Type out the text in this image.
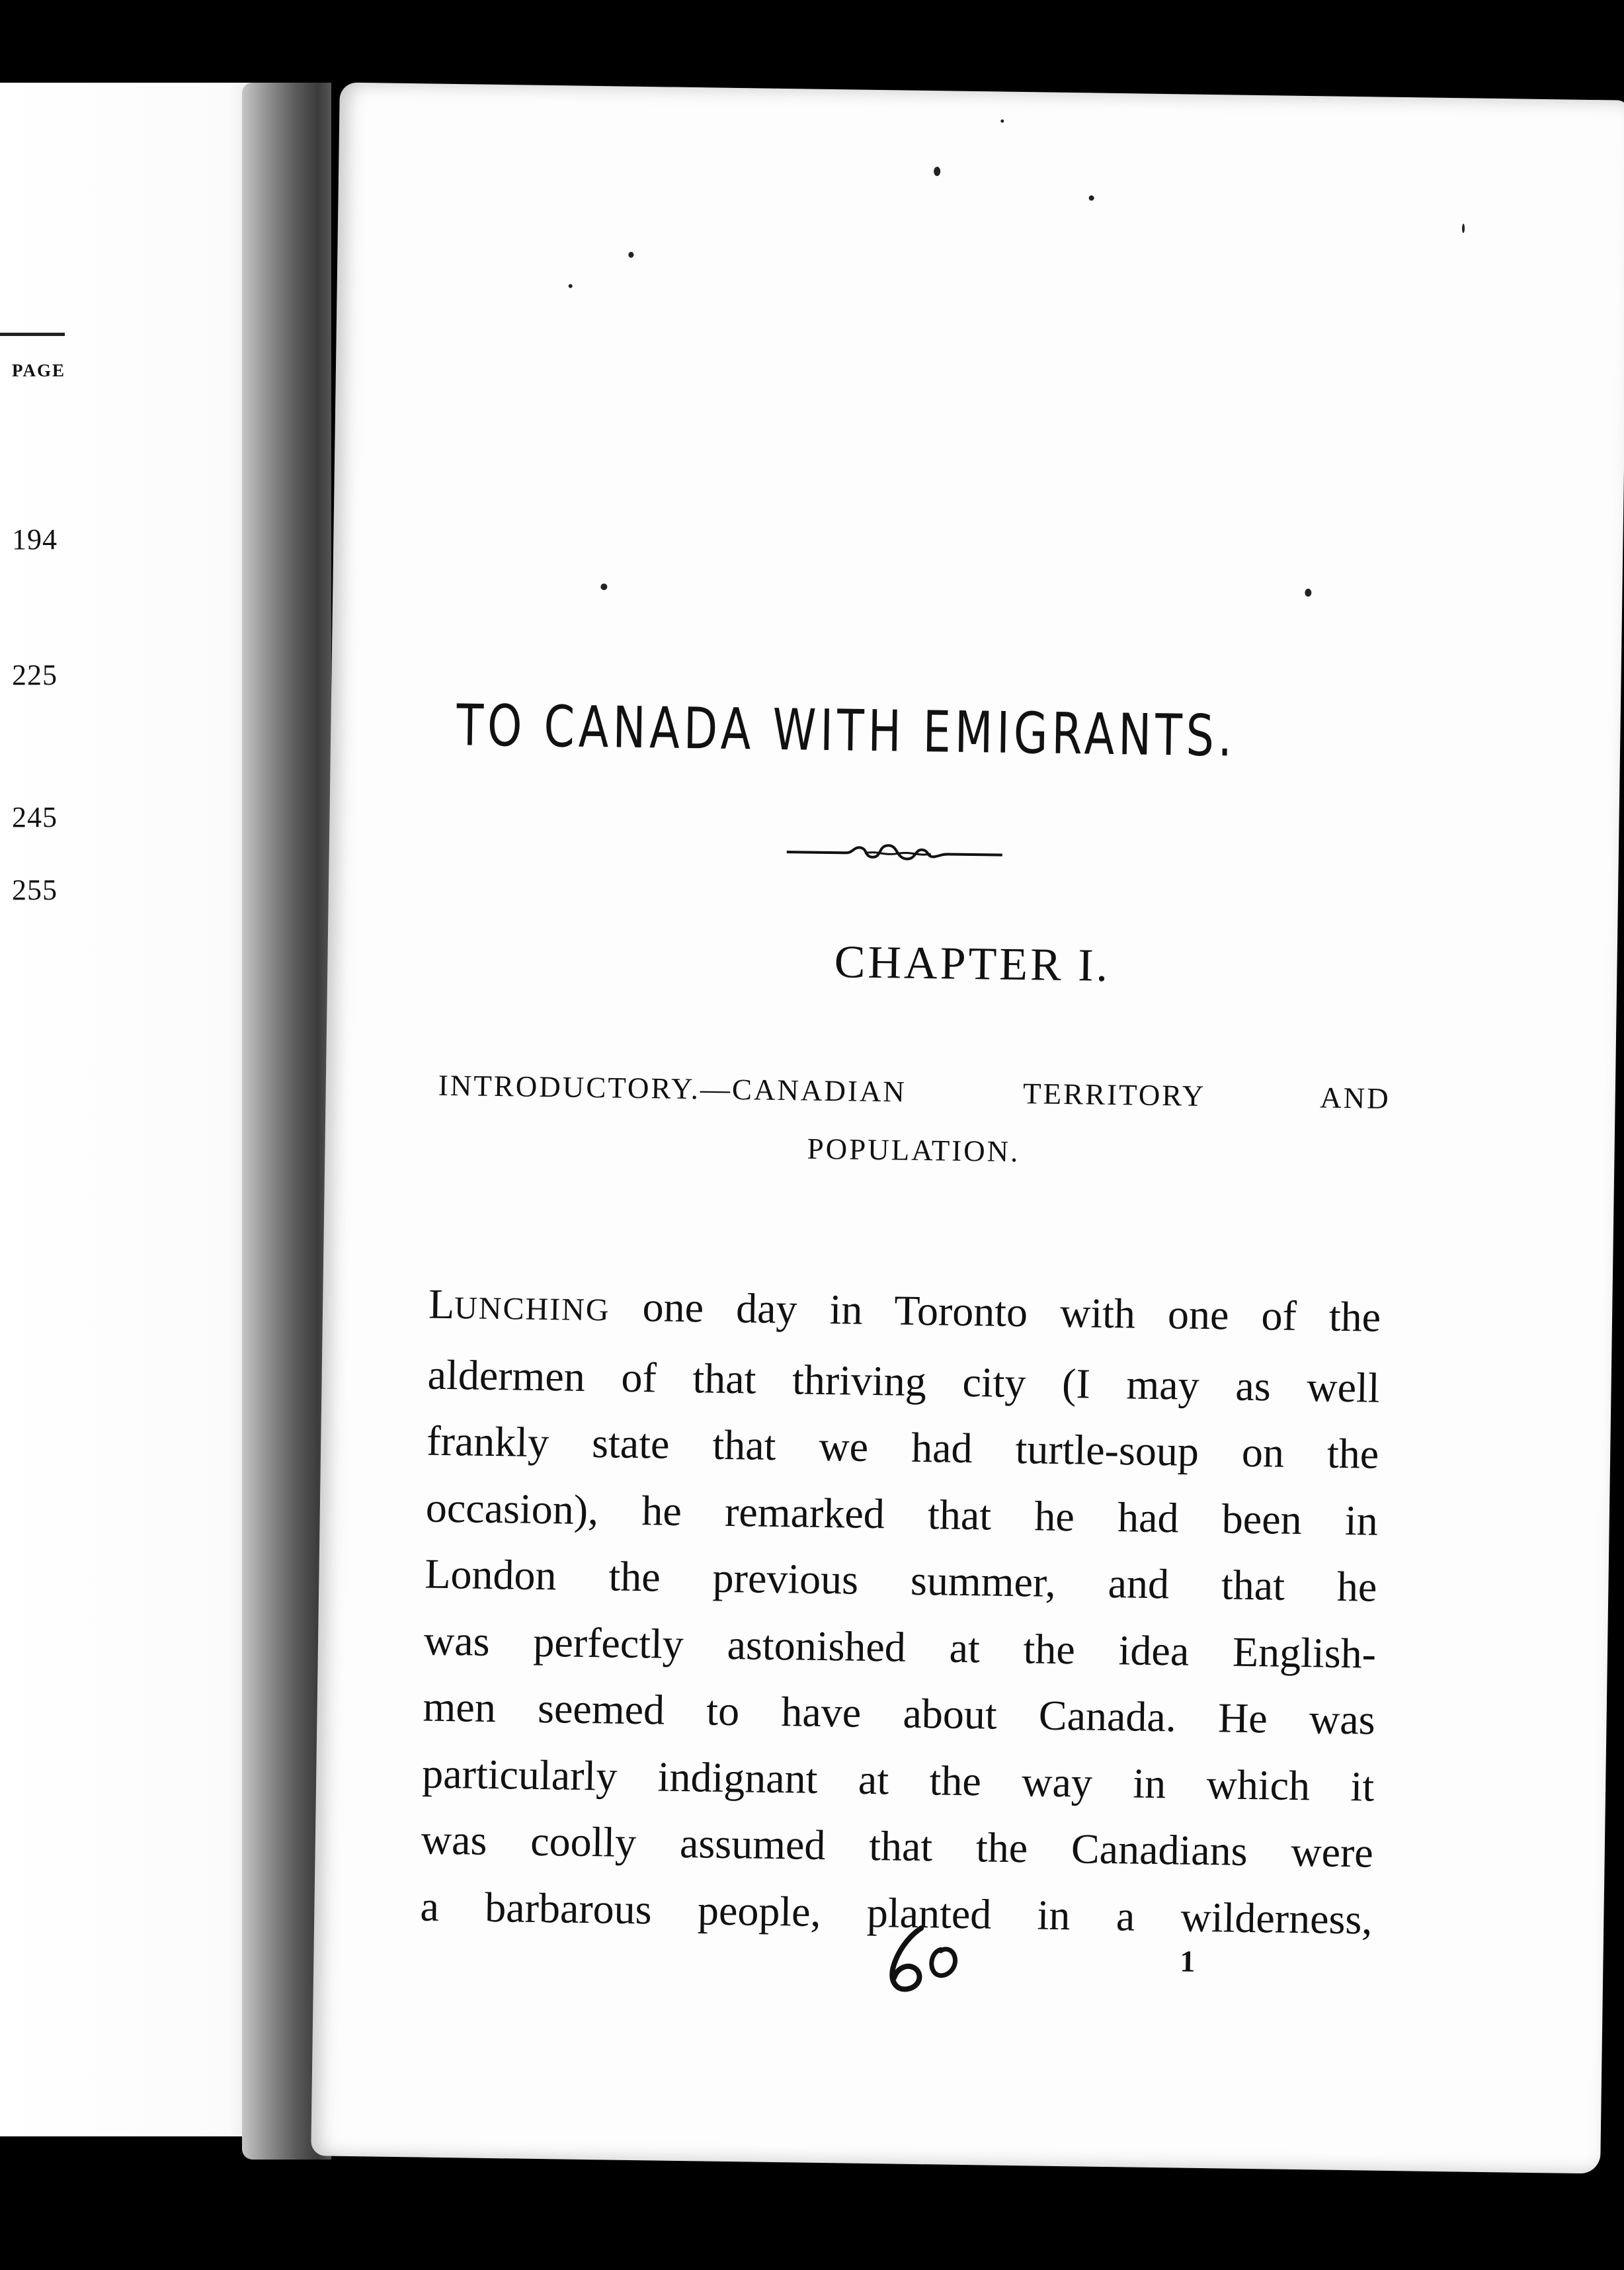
PAGE

194

225

245

255

TO CANADA WITH EMIGRANTS.
CHAPTER I.

INTRODUCTORY.—CANADIAN TERRITORY AND
POPULATION.

LUNCHING one day in Toronto with one of the
aldermen of that thriving city (I may as well
frankly state that we had turtle-soup on the
occasion), he remarked that he had been in
London the previous summer, and that he
was perfectly astonished at the idea English-
men seemed to have about Canada. He was
particularly indignant at the way in which it
was coolly assumed that the Canadians were
a barbarous people, planted in a wilderness,

1
